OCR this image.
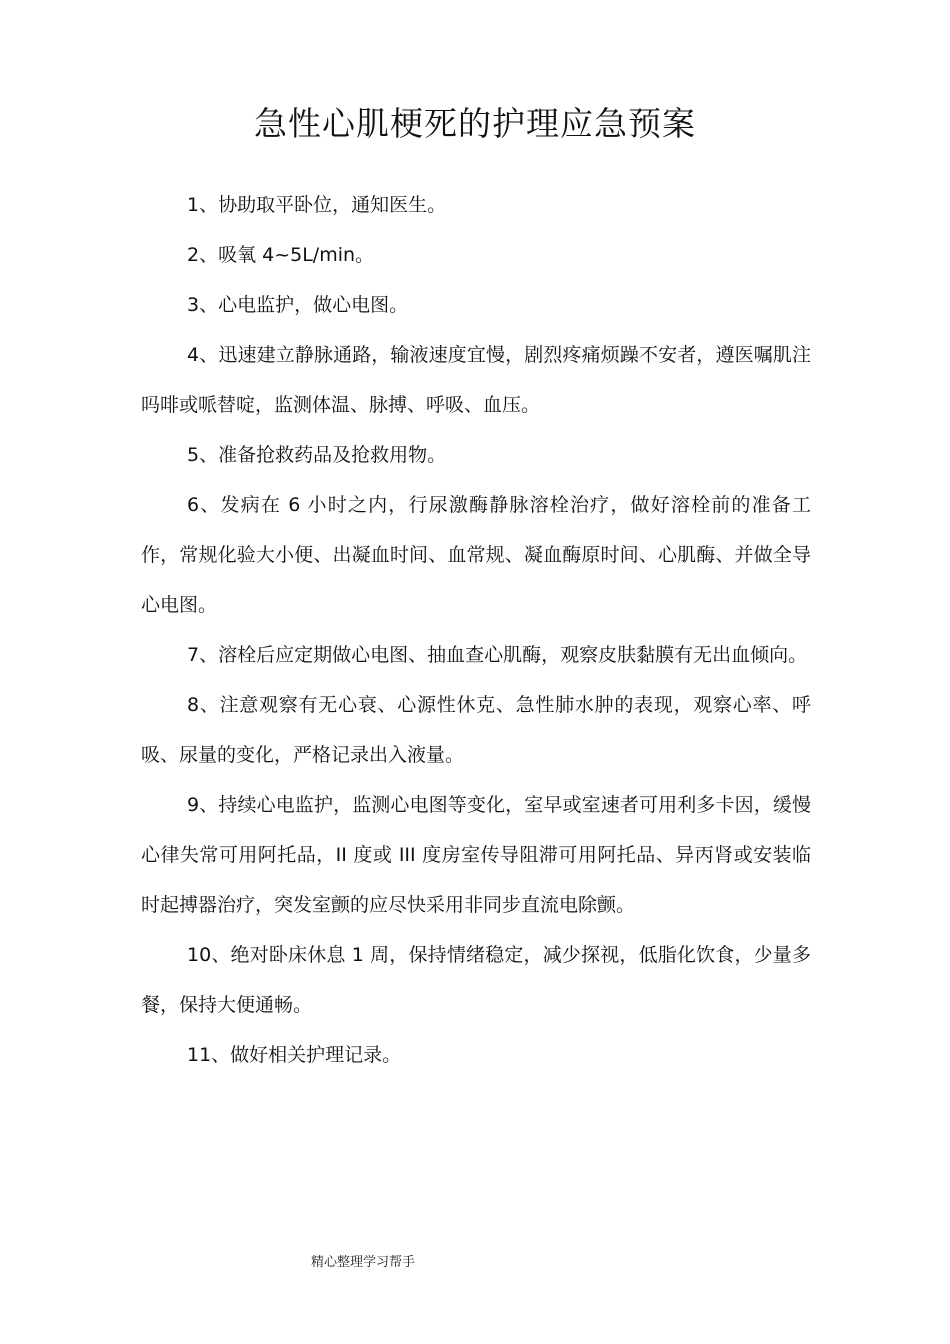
急性心肌梗死的护理应急预案

1、协助取平卧位，通知医生。

2、吸氧 4~5L/min。

3、心电监护，做心电图。

4、迅速建立静脉通路，输液速度宜慢，剧烈疼痛烦躁不安者，遵医嘱肌注吗啡或哌替啶，监测体温、脉搏、呼吸、血压。

5、准备抢救药品及抢救用物。

6、发病在 6 小时之内，行尿激酶静脉溶栓治疗，做好溶栓前的准备工作，常规化验大小便、出凝血时间、血常规、凝血酶原时间、心肌酶、并做全导心电图。

7、溶栓后应定期做心电图、抽血查心肌酶，观察皮肤黏膜有无出血倾向。

8、注意观察有无心衰、心源性休克、急性肺水肿的表现，观察心率、呼吸、尿量的变化，严格记录出入液量。

9、持续心电监护，监测心电图等变化，室早或室速者可用利多卡因，缓慢心律失常可用阿托品，II 度或 III 度房室传导阻滞可用阿托品、异丙肾或安装临时起搏器治疗，突发室颤的应尽快采用非同步直流电除颤。

10、绝对卧床休息 1 周，保持情绪稳定，减少探视，低脂化饮食，少量多餐，保持大便通畅。

11、做好相关护理记录。

精心整理学习帮手
